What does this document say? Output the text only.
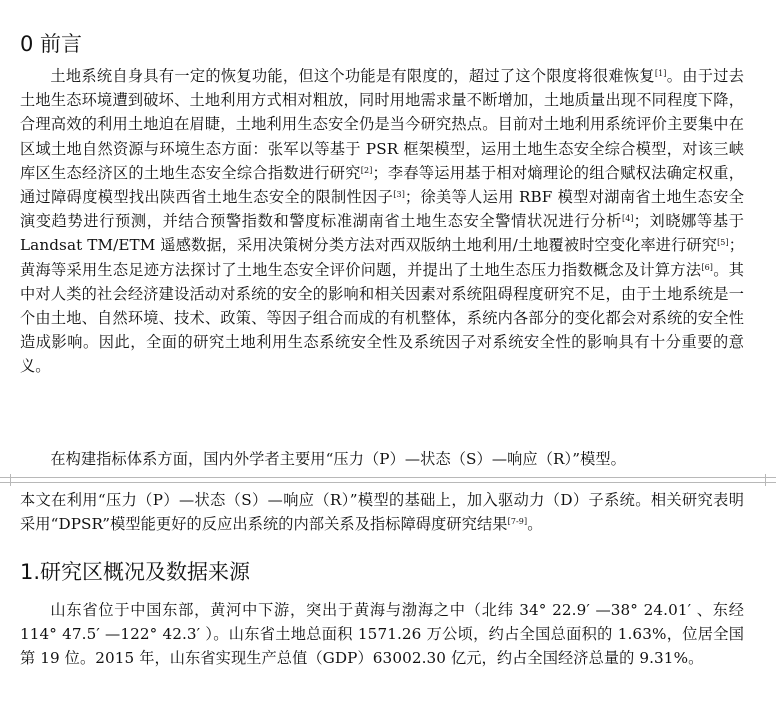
0 前言

土地系统自身具有一定的恢复功能，但这个功能是有限度的，超过了这个限度将很难恢复[1]。由于过去土地生态环境遭到破坏、土地利用方式相对粗放，同时用地需求量不断增加，土地质量出现不同程度下降，合理高效的利用土地迫在眉睫，土地利用生态安全仍是当今研究热点。目前对土地利用系统评价主要集中在区域土地自然资源与环境生态方面：张军以等基于 PSR 框架模型，运用土地生态安全综合模型，对该三峡库区生态经济区的土地生态安全综合指数进行研究[2]；李春等运用基于相对熵理论的组合赋权法确定权重，通过障碍度模型找出陕西省土地生态安全的限制性因子[3]；徐美等人运用 RBF 模型对湖南省土地生态安全演变趋势进行预测，并结合预警指数和警度标准湖南省土地生态安全警情状况进行分析[4]；刘晓娜等基于 Landsat TM/ETM 遥感数据，采用决策树分类方法对西双版纳土地利用/土地覆被时空变化率进行研究[5]；黄海等采用生态足迹方法探讨了土地生态安全评价问题，并提出了土地生态压力指数概念及计算方法[6]。其中对人类的社会经济建设活动对系统的安全的影响和相关因素对系统阻碍程度研究不足，由于土地系统是一个由土地、自然环境、技术、政策、等因子组合而成的有机整体，系统内各部分的变化都会对系统的安全性造成影响。因此，全面的研究土地利用生态系统安全性及系统因子对系统安全性的影响具有十分重要的意义。

在构建指标体系方面，国内外学者主要用“压力（P）—状态（S）—响应（R）”模型。

本文在利用“压力（P）—状态（S）—响应（R）”模型的基础上，加入驱动力（D）子系统。相关研究表明采用“DPSR”模型能更好的反应出系统的内部关系及指标障碍度研究结果[7-9]。

1.研究区概况及数据来源

山东省位于中国东部，黄河中下游，突出于黄海与渤海之中（北纬 34° 22.9′ —38° 24.01′ 、东经 114° 47.5′ —122° 42.3′ ）。山东省土地总面积 1571.26 万公顷，约占全国总面积的 1.63%，位居全国第 19 位。2015 年，山东省实现生产总值（GDP）63002.30 亿元，约占全国经济总量的 9.31%。
